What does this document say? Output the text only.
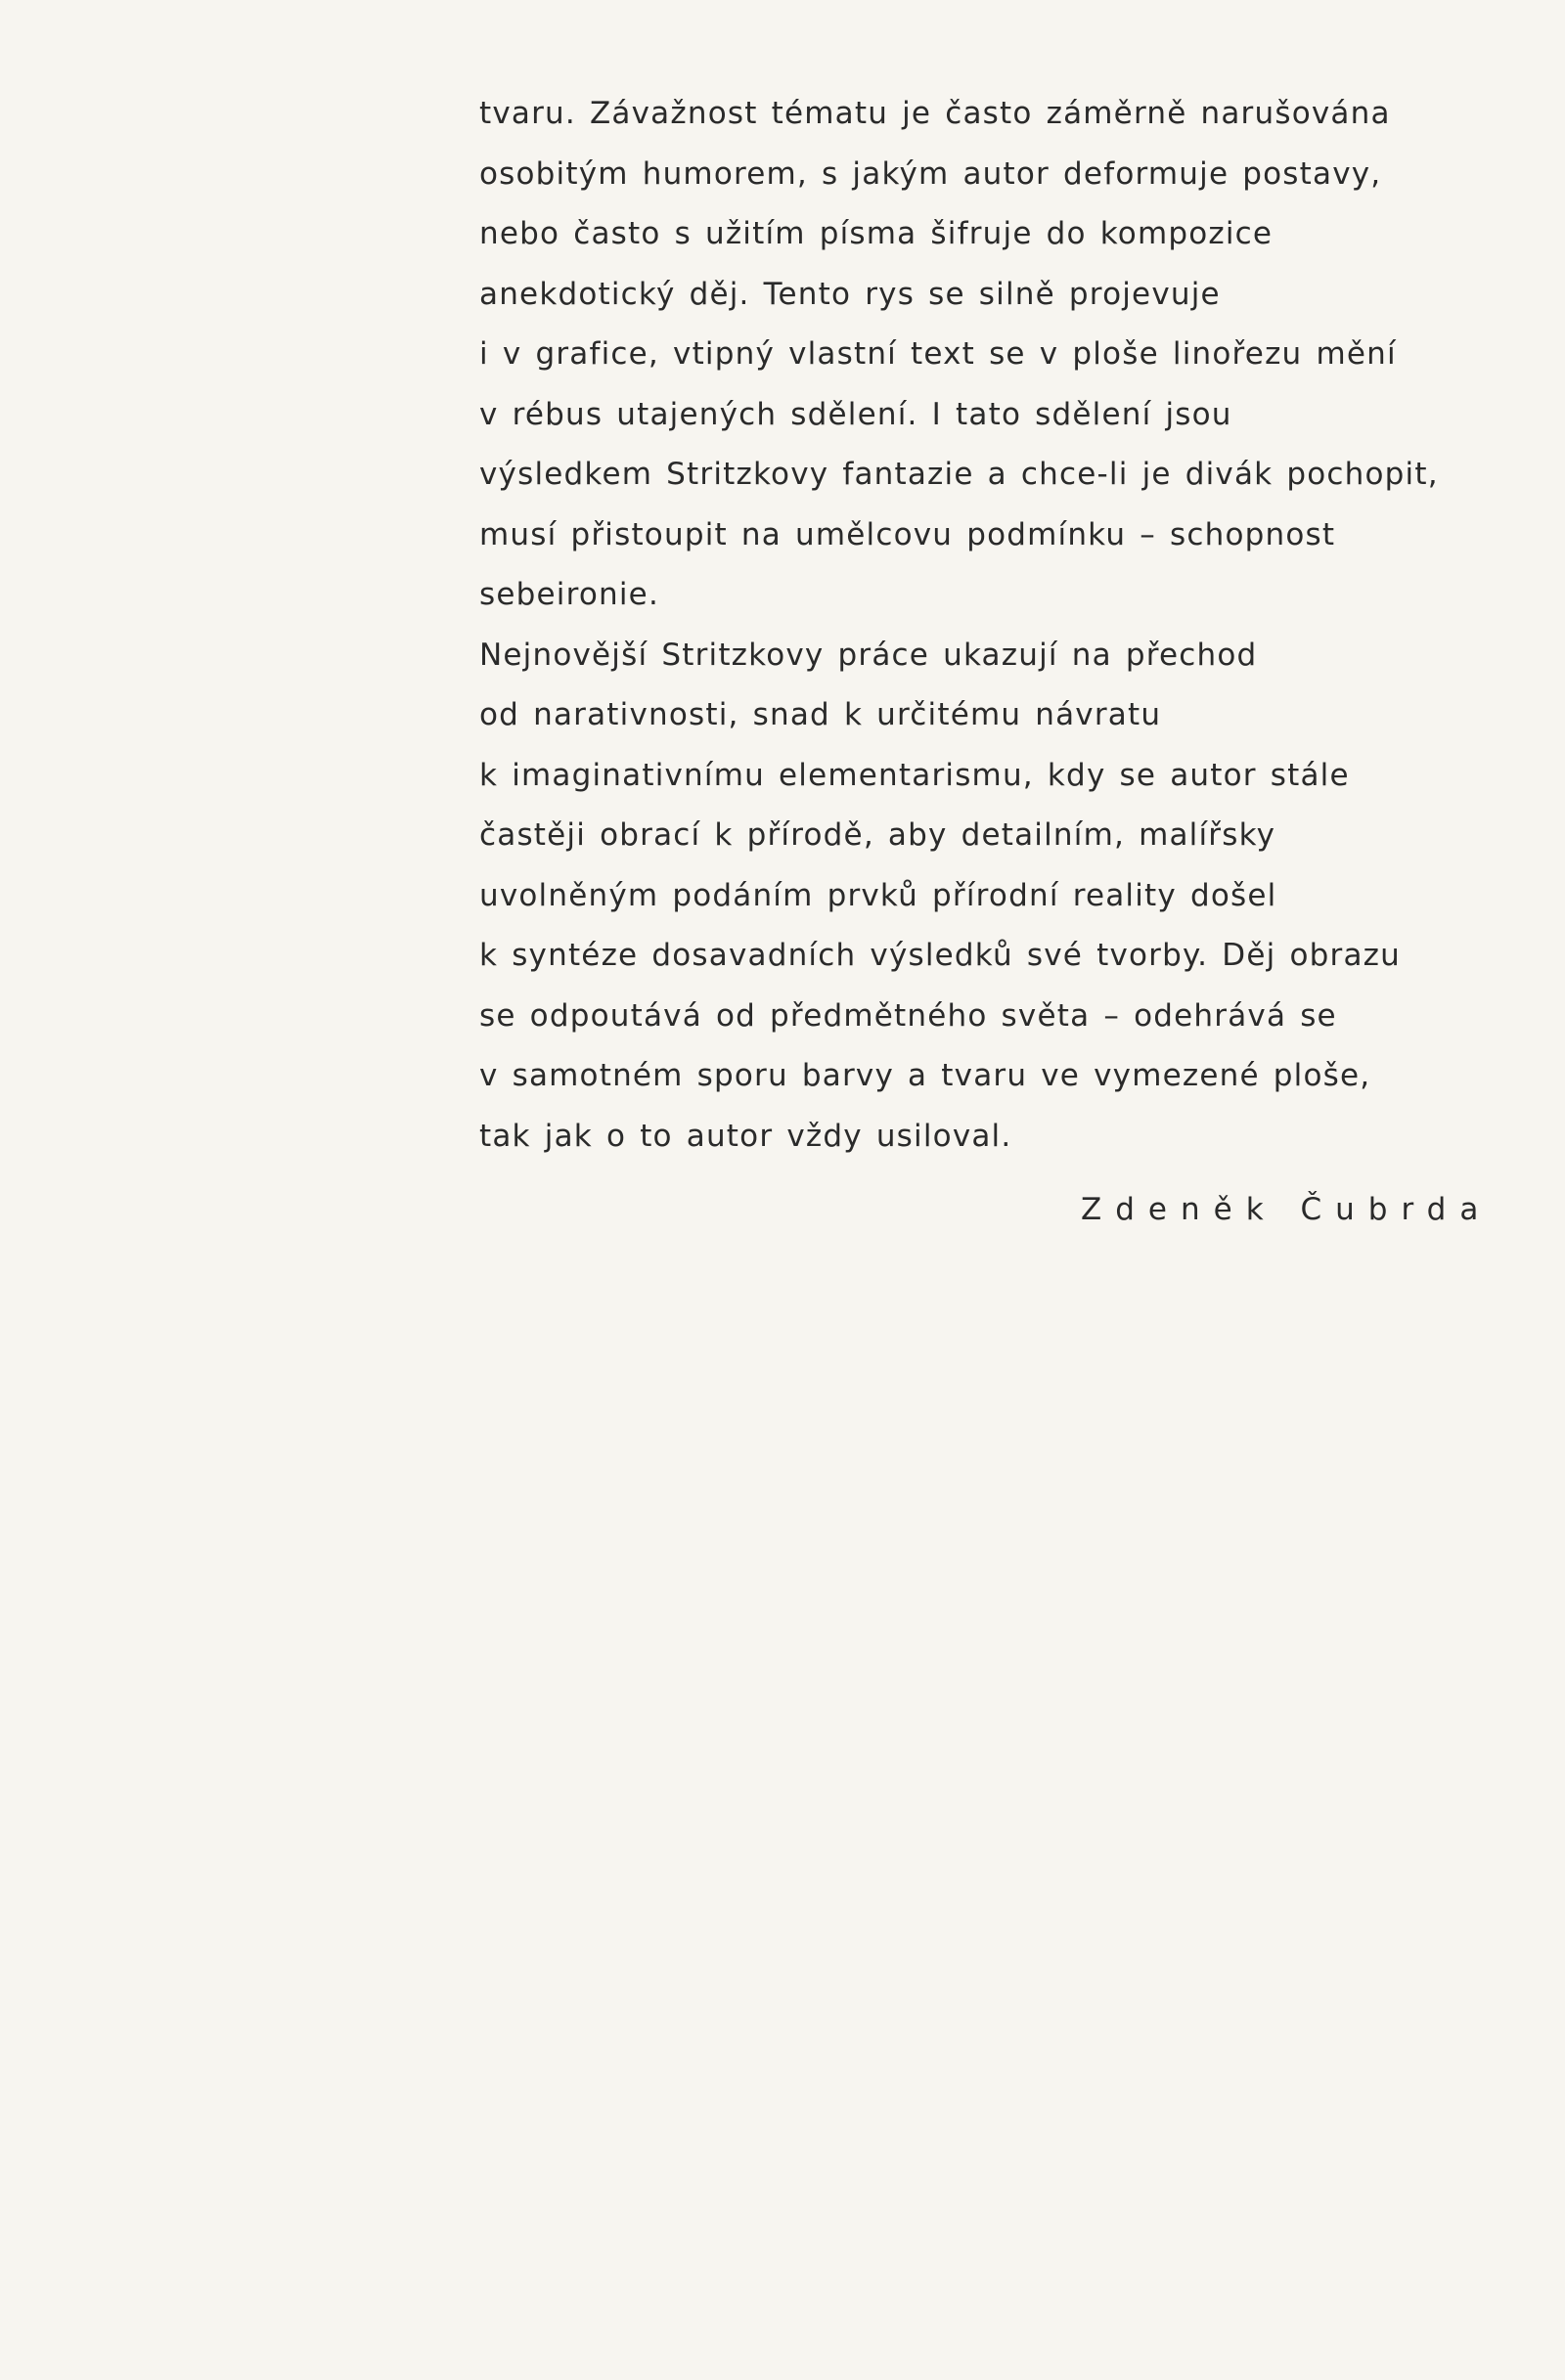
tvaru. Závažnost tématu je často záměrně narušována
osobitým humorem, s jakým autor deformuje postavy,
nebo často s užitím písma šifruje do kompozice
anekdotický děj. Tento rys se silně projevuje
i v grafice, vtipný vlastní text se v ploše linořezu mění
v rébus utajených sdělení. I tato sdělení jsou
výsledkem Stritzkovy fantazie a chce-li je divák pochopit,
musí přistoupit na umělcovu podmínku – schopnost
sebeironie.
Nejnovější Stritzkovy práce ukazují na přechod
od narativnosti, snad k určitému návratu
k imaginativnímu elementarismu, kdy se autor stále
častěji obrací k přírodě, aby detailním, malířsky
uvolněným podáním prvků přírodní reality došel
k syntéze dosavadních výsledků své tvorby. Děj obrazu
se odpoutává od předmětného světa – odehrává se
v samotném sporu barvy a tvaru ve vymezené ploše,
tak jak o to autor vždy usiloval.
Zdeněk Čubrda
